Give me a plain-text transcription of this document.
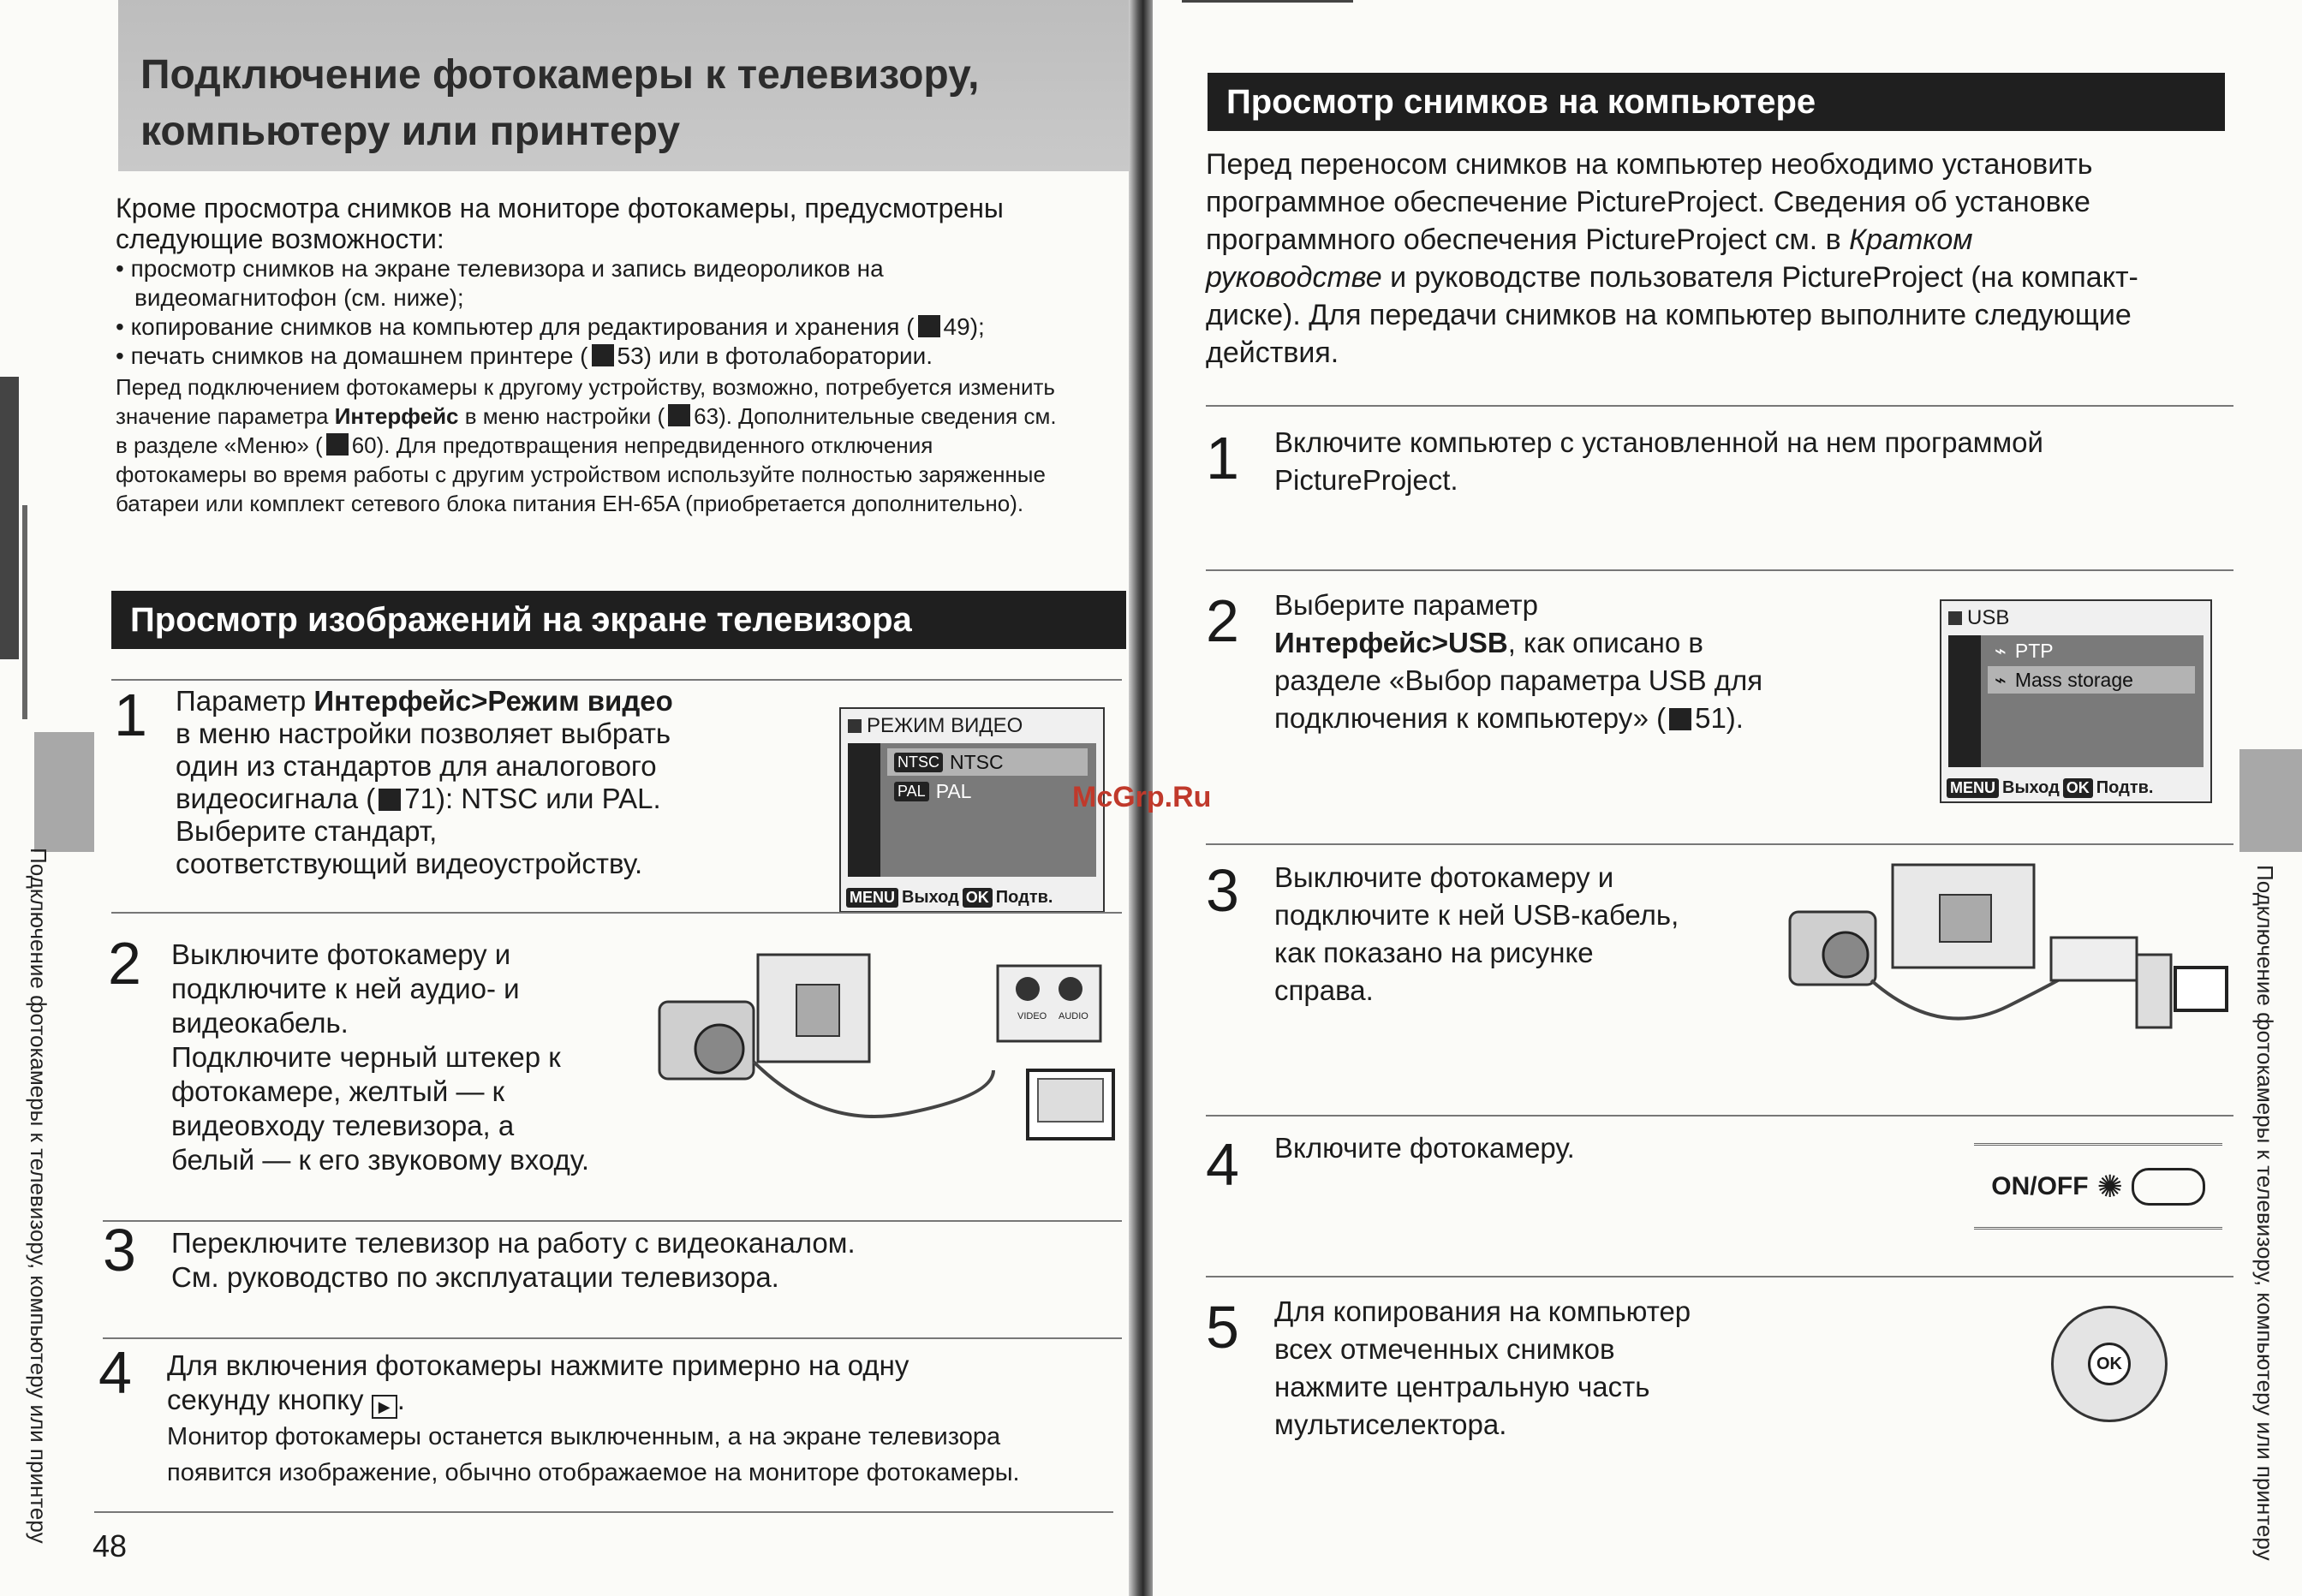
Подключение фотокамеры к телевизору,
компьютеру или принтеру

Кроме просмотра снимков на мониторе фотокамеры, предусмотрены

следующие возможности:

• просмотр снимков на экране телевизора и запись видеороликов на

видеомагнитофон (см. ниже);

• копирование снимков на компьютер для редактирования и хранения ( 49);

• печать снимков на домашнем принтере ( 53) или в фотолаборатории.

Перед подключением фотокамеры к другому устройству, возможно, потребуется изменить
значение параметра Интерфейс в меню настройки ( 63). Дополнительные сведения см.
в разделе «Меню» ( 60). Для предотвращения непредвиденного отключения
фотокамеры во время работы с другим устройством используйте полностью заряженные
батареи или комплект сетевого блока питания EH-65A (приобретается дополнительно).
Просмотр изображений на экране телевизора
1 Параметр Интерфейс>Режим видео

в меню настройки позволяет выбрать

один из стандартов для аналогового

видеосигнала ( 71): NTSC или PAL.

Выберите стандарт,

соответствующий видеоустройству.

РЕЖИМ ВИДЕО
NTSC NTSC
PAL PAL
MENU Выход OK Подтв.
2 Выключите фотокамеру и

подключите к ней аудио- и

видеокабель.

Подключите черный штекер к

фотокамере, желтый — к

видеовходу телевизора, а

белый — к его звуковому входу.

VIDEO AUDIO
3 Переключите телевизор на работу с видеоканалом.

См. руководство по эксплуатации телевизора.

4 Для включения фотокамеры нажмите примерно на одну

секунду кнопку ▶ .

Монитор фотокамеры останется выключенным, а на экране телевизора

появится изображение, обычно отображаемое на мониторе фотокамеры.

48
Подключение фотокамеры к телевизору, компьютеру или принтеру
Просмотр снимков на компьютере

Перед переносом снимков на компьютер необходимо установить

программное обеспечение PictureProject. Сведения об установке

программного обеспечения PictureProject см. в Кратком

руководстве и руководстве пользователя PictureProject (на компакт-

диске). Для передачи снимков на компьютер выполните следующие

действия.

1 Включите компьютер с установленной на нем программой

PictureProject.

2 Выберите параметр

Интерфейс>USB, как описано в

разделе «Выбор параметра USB для

подключения к компьютеру» ( 51).

USB
⌁ PTP
⌁ Mass storage
MENU Выход OK Подтв.
McGrp.Ru
3 Выключите фотокамеру и

подключите к ней USB-кабель,

как показано на рисунке

справа.

4 Включите фотокамеру.

ON/OFF ✺
5 Для копирования на компьютер

всех отмеченных снимков

нажмите центральную часть

мультиселектора.

OK	Подключение фотокамеры к телевизору, компьютеру или принтеру
